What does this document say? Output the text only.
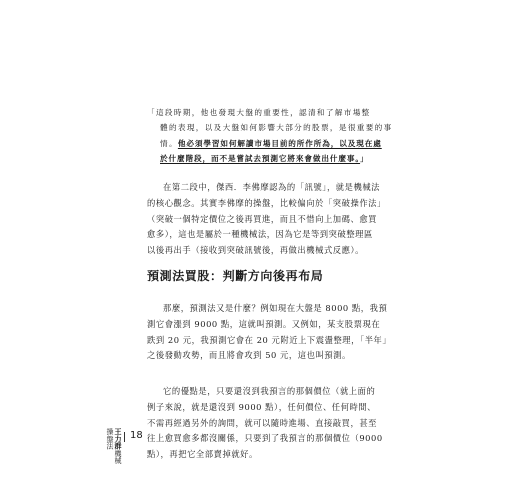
「這段時期，他也發現大盤的重要性，認清和了解市場整
體的表現，以及大盤如何影響大部分的股票，是很重要的事
情。他必須學習如何解讀市場目前的所作所為，以及現在處
於什麼階段，而不是嘗試去預測它將來會做出什麼事。」
在第二段中，傑西．李佛摩認為的「訊號」，就是機械法
的核心觀念。其實李佛摩的操盤，比較偏向於「突破操作法」
（突破一個特定價位之後再買進，而且不惜向上加碼、愈買
愈多），這也是屬於一種機械法，因為它是等到突破整理區
以後再出手（接收到突破訊號後，再做出機械式反應）。
預測法買股：判斷方向後再布局
那麼，預測法又是什麼？例如現在大盤是 8000 點，我預
測它會漲到 9000 點，這就叫預測。又例如，某支股票現在
跌到 20 元，我預測它會在 20 元附近上下震盪整理，「半年」
之後發動攻勢，而且將會攻到 50 元，這也叫預測。
它的優點是，只要還沒到我預言的那個價位（就上面的
例子來說，就是還沒到 9000 點），任何價位、任何時間、
不需再經過另外的詢問，就可以隨時進場、直接敲買，甚至
往上愈買愈多都沒關係，只要到了我預言的那個價位（9000
點），再把它全部賣掉就好。
王力群機械操盤法	18
